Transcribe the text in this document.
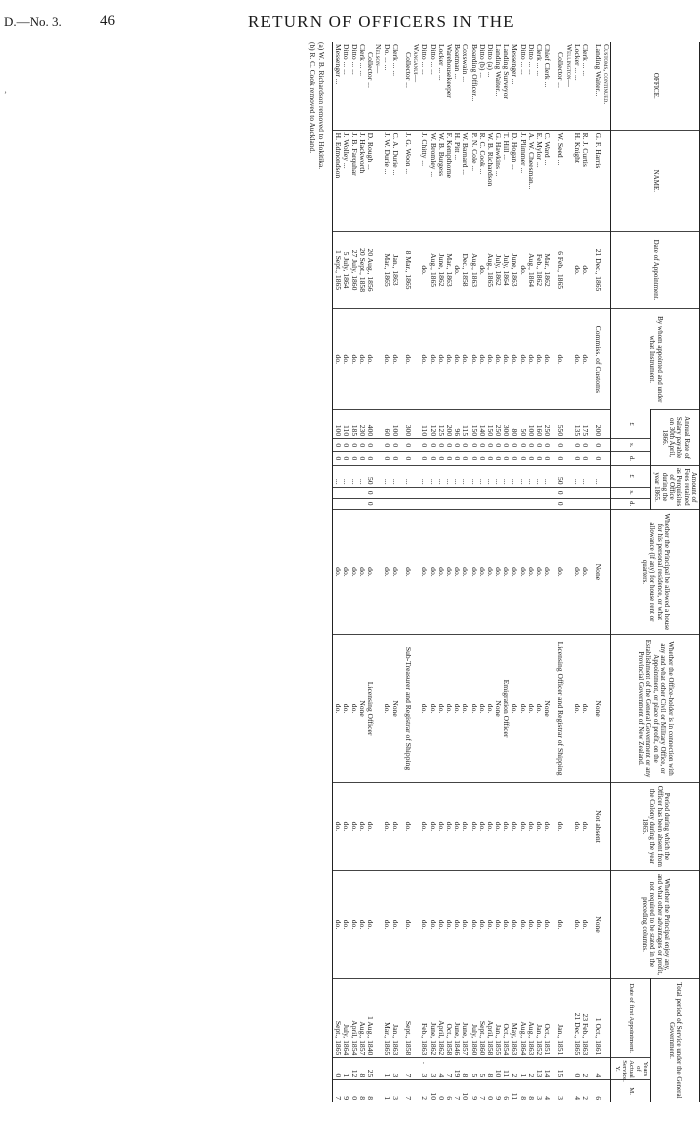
D.—No. 3.	46	RETURN OF OFFICERS IN THE
’
·
OFFICE.	NAME.	Date of Appointment.	By whom appointed and under what Instrument.	Annual Rate of Salary payable on 30th April, 1866.			Amount of Fees retained as Perquisites of Office during the year 1865.			Whether the Principal be allowed a house for his personal residence, or what allowance (if any) for house rent or quarters.	Whether the Office-holder is in connection with any and what other Civil or Military Office, or Appointment, or place of profit, on the Establishment of the General Government or any Provincial Government of New Zealand.	Period during which the Officer has been absent from the Colony during the year 1865.	Whether the Principal enjoy any, and what other advantages or profit, not required to be stated in the preceding columns.	Total period of Service under the General Government.		
				£	s.	d.	£	s.	d.					Date of first Appointment.	Years of Actual Service.
Y.	M.
Customs, continued.																
Landing Waiter...	G. F. Harris	21 Dec., 1865	Commiss. of Customs	200	0	0	...			None	None	Not absent	None	1 Oct., 1861	4	6

Clerk ... ...	R. J. Curtis	do.	do.	175	0	0	...			do.	do.	do.	do.	23 Feb., 1863	2	2
Locker ... ...	H. Knight	do.	do.	135	0	0	...			do.	do.	do.	do.	21 Dec., 1865	0	4
Wellington—																
Collector ...	W. Seed ...	6 Feb., 1865	do.	550	0	0	50	0	0	do.	Licensing Officer and Registrar of Shipping	do.	do.	Jan., 1851	15	3

Chief Clerk ...	C. Ward ...	Mar., 1862	do.	250	0	0	...			do.	None	do.	do.	Oct., 1851	14	4
Clerk ... ...	E. Mylor ...	Feb., 1862	do.	160	0	0	...			do.	do.	do.	do.	Jan., 1852	13	3
Ditto ... ...	A. W. Cheesman...	Aug., 1864	do.	100	0	0	...			do.	do.	do.	do.	Aug., 1863	2	8
Ditto ... ...	J. Plimmer ...	do.	do.	50	0	0	...			do.	do.	do.	do.	Aug., 1864	1	8
Messenger ...	D. Hogan ...	June, 1863	do.	80	0	0	...			do.	do.	do.	do.	May, 1863	2	11
Landing Surveyor	T. Hill ...	July, 1864	do.	300	0	0	...			do.	Emigration Officer	do.	do.	Oct., 1854	11	6
Landing Waiter...	G. Hawkins ...	July, 1862	do.	250	0	0	...			do.	None	do.	do.	Jan., 1855	10	9
Ditto (a) ...	W. B. Richardson	Aug., 1865	do.	150	0	0	...			do.	do.	do.	do.	April, 1858	8	0
Ditto (b) ...	R. C. Cook ...	do.	do.	140	0	0	...			do.	do.	do.	do.	Sept., 1860	5	7
Boarding Officer...	P. N. Cole ...	Aug., 1863	do.	150	0	0	...			do.	do.	do.	do.	July, 1860	5	9
Coxswain ...	W. Barnard ...	Dec., 1858	do.	115	0	0	...			do.	do.	do.	do.	June, 1857	8	10
Boatman ...	H. Pitt ...	do.	do.	96	0	0	...			do.	do.	do.	do.	June, 1846	19	7
Warehousekeeper	F. Kempthorne	Mar., 1863	do.	200	0	0	...			do.	do.	do.	do.	Oct., 1858	7	6
Locker ... ...	W. B. Burgess	June, 1862	do.	125	0	0	...			do.	do.	do.	do.	April, 1862	4	0
Ditto ... ...	W. Bromley ...	Aug., 1865	do.	120	0	0	...			do.	do.	do.	do.	June, 1862	3	10
Ditto ... ...	J. Chitty ...	do.	do.	110	0	0	...			do.	do.	do.	do.	Feb., 1863	3	2
Wanganui—																
Collector ...	J. G. Woon ...	8 Mar., 1865	do.	300	0	0	...			do.	Sub-Treasurer and Registrar of Shipping	do.	do.	Sept., 1858	7	7

Clerk ... ...	C. A. Durie ...	Jan., 1863	do.	100	0	0	...			do.	None	do.	do.	Jan., 1863	3	3
Do. ... ...	J. W. Durie ...	Mar., 1865	do.	60	0	0	...			do.	do.	do.	do.	Mar., 1865	1	1
Nelson—																
Collector ...	D. Rough ...	20 Aug., 1856	do.	400	0	0	50	0	0	do.	Licensing Officer	do.	do.	1 Aug., 1840	25	8
Clerk ... ...	J. Hackworth	20 Sept., 1858	do.	230	0	0	...			do.	None	do.	do.	Aug., 1857	8	8
Ditto ... ...	J. B. Farquhar	27 July, 1860	do.	185	0	0	...			do.	do.	do.	do.	April, 1854	12	0
Ditto ... ...	J. Wolley ...	5 July, 1864	do.	110	0	0	...			do.	do.	do.	do.	July, 1864	1	9
Messenger ...	H. Edmondson	1 Sept., 1865	do.	100	0	0	...			do.	do.	do.	do.	Sept., 1865	0	7
(a) W. B. Richardson removed to Hokitika.
(b) R. C. Cook removed to Auckland.
